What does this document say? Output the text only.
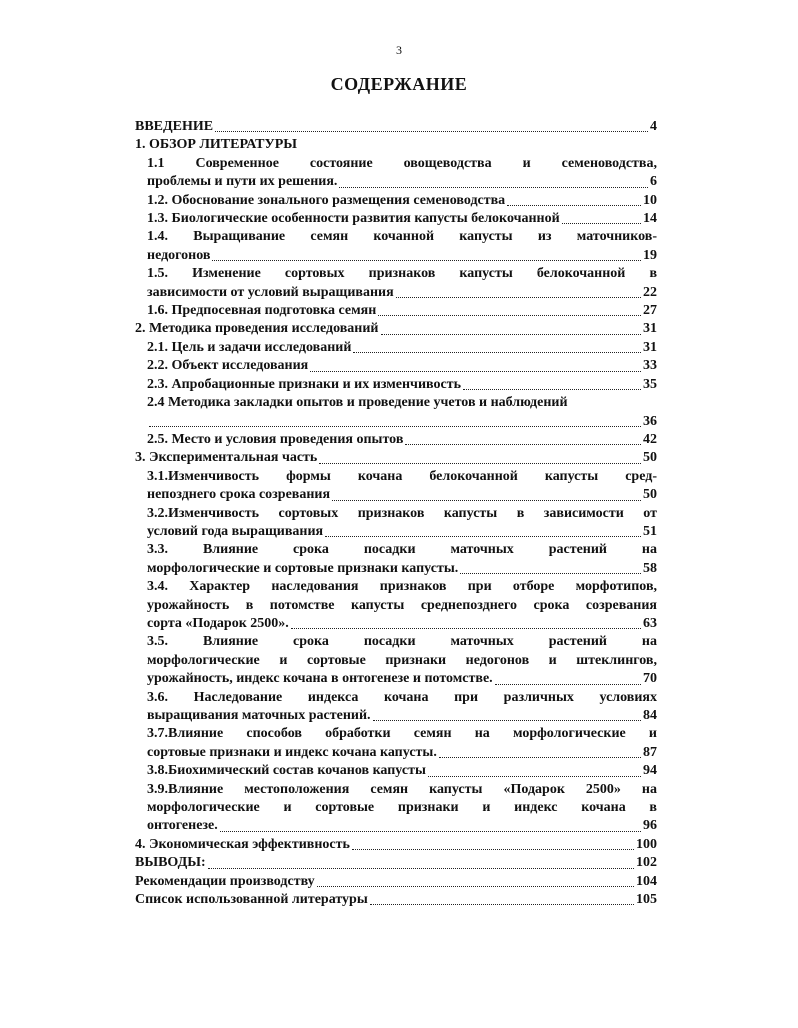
3
СОДЕРЖАНИЕ
ВВЕДЕНИЕ	4
1. ОБЗОР ЛИТЕРАТУРЫ
1.1 Современное состояние овощеводства и семеноводства,
проблемы и пути их решения.	6
1.2. Обоснование зонального размещения семеноводства	10
1.3. Биологические особенности развития капусты белокочанной	14
1.4. Выращивание семян кочанной капусты из маточников-
недогонов	19
1.5. Изменение сортовых признаков капусты белокочанной в
зависимости от условий выращивания	22
1.6. Предпосевная подготовка семян	27
2. Методика проведения исследований	31
2.1. Цель и задачи исследований	31
2.2. Объект исследования	33
2.3. Апробационные признаки и их изменчивость	35
2.4 Методика закладки опытов и проведение учетов и наблюдений
36
2.5. Место и условия проведения опытов	42
3. Экспериментальная часть	50
3.1.Изменчивость формы кочана белокочанной капусты сред-
непозднего срока созревания	50
3.2.Изменчивость сортовых признаков капусты в зависимости от
условий года выращивания	51
3.3. Влияние срока посадки маточных растений на
морфологические и сортовые признаки капусты.	58
3.4. Характер наследования признаков при отборе морфотипов,
урожайность в потомстве капусты среднепозднего срока созревания
сорта «Подарок 2500».	63
3.5. Влияние срока посадки маточных растений на
морфологические и сортовые признаки недогонов и штеклингов,
урожайность, индекс кочана в онтогенезе и потомстве.	70
3.6. Наследование индекса кочана при различных условиях
выращивания маточных растений.	84
3.7.Влияние способов обработки семян на морфологические и
сортовые признаки и индекс кочана капусты.	87
3.8.Биохимический состав кочанов капусты	94
3.9.Влияние местоположения семян капусты «Подарок 2500» на
морфологические и сортовые признаки и индекс кочана в
онтогенезе.	96
4. Экономическая эффективность	100
ВЫВОДЫ:	102
Рекомендации производству	104
Список использованной литературы	105
